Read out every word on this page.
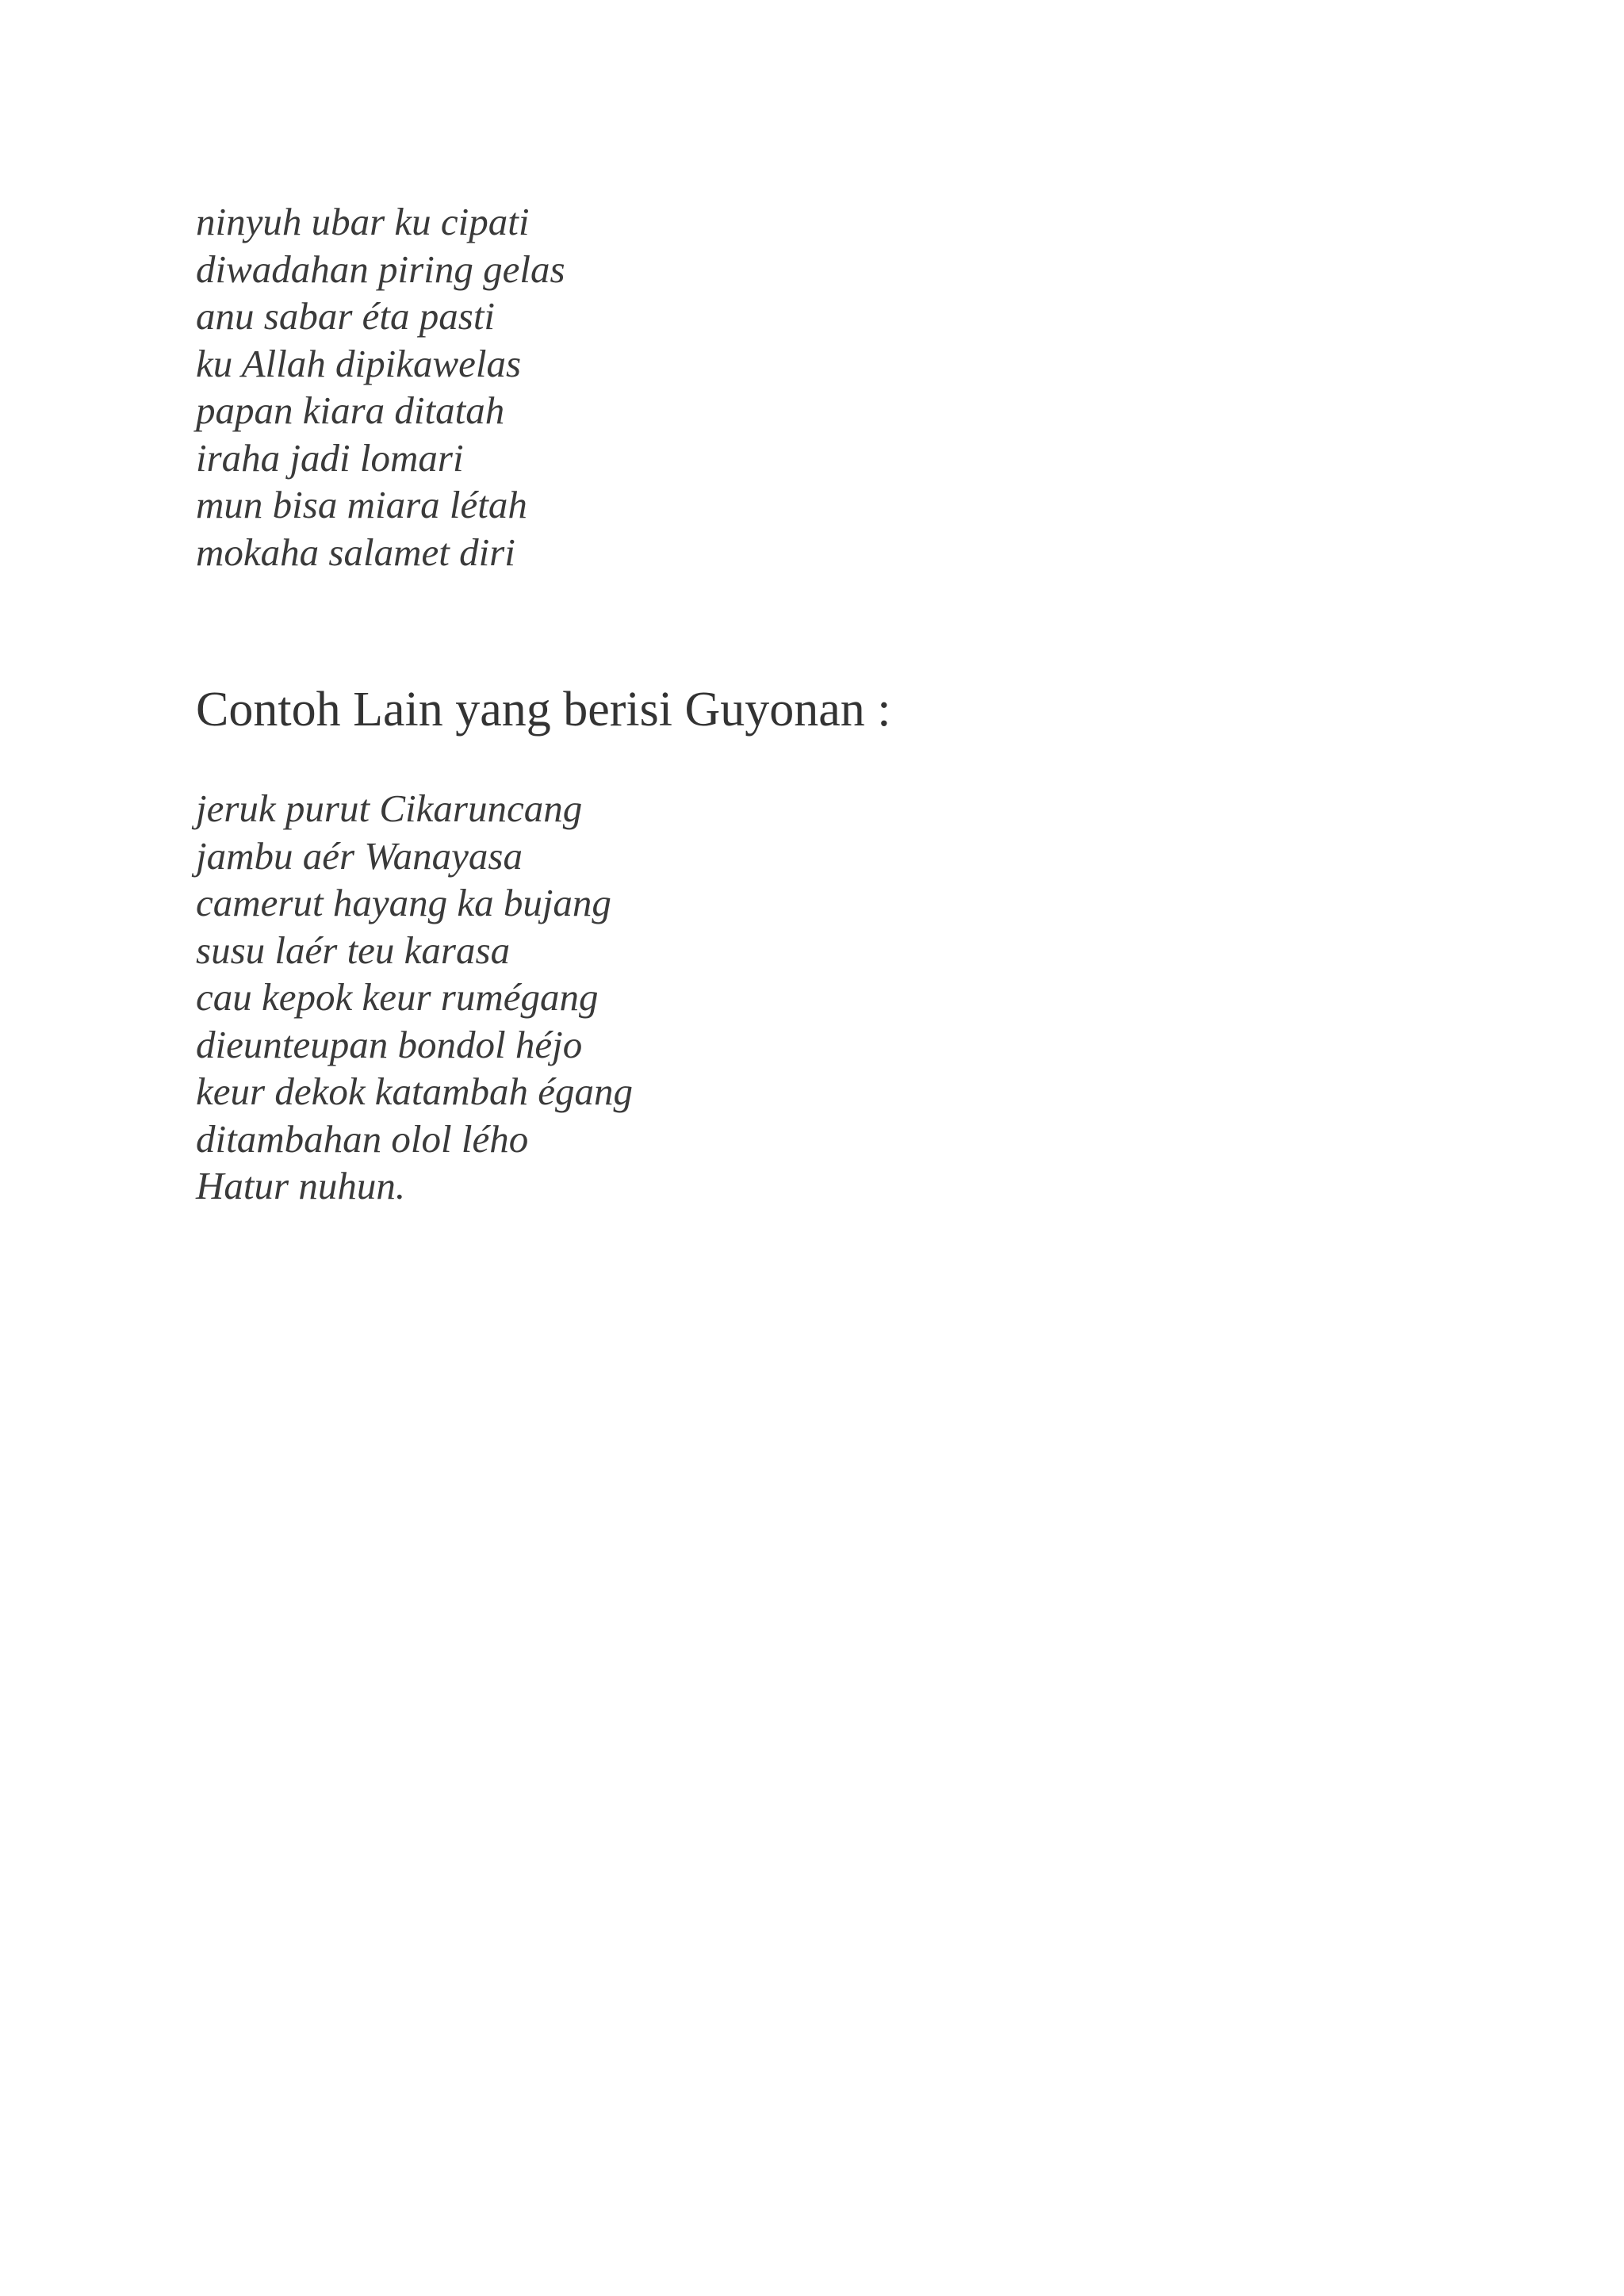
ninyuh ubar ku cipati
diwadahan piring gelas
anu sabar éta pasti
ku Allah dipikawelas
papan kiara ditatah
iraha jadi lomari
mun bisa miara létah
mokaha salamet diri
Contoh Lain yang berisi Guyonan :
jeruk purut Cikaruncang
jambu aér Wanayasa
camerut hayang ka bujang
susu laér teu karasa
cau kepok keur rumégang
dieunteupan bondol héjo
keur dekok katambah égang
ditambahan olol lého
Hatur nuhun.
